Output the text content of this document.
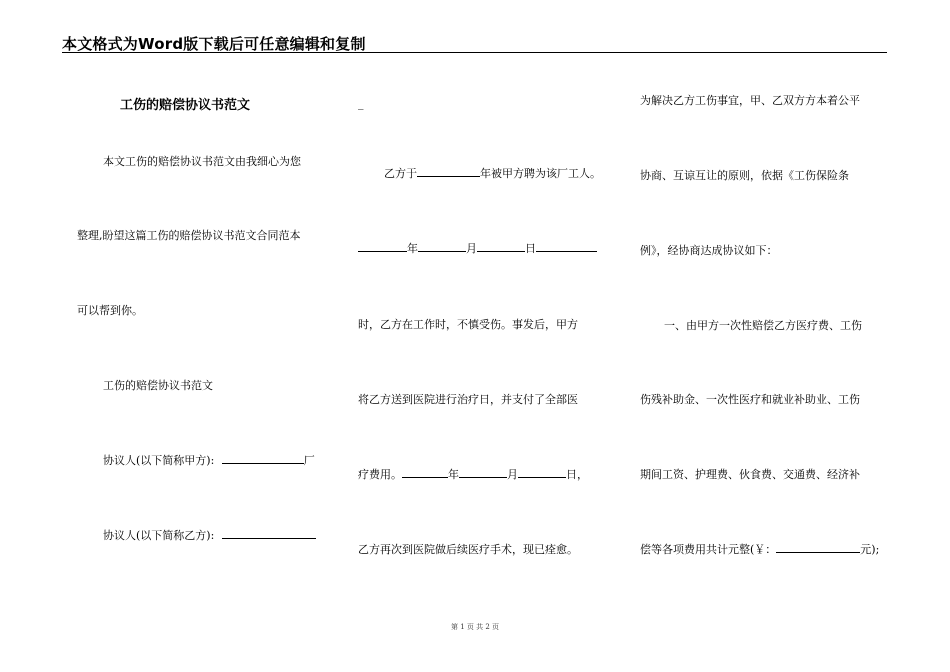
本文格式为Word版下载后可任意编辑和复制
工伤的赔偿协议书范文
本文工伤的赔偿协议书范文由我细心为您
整理,盼望这篇工伤的赔偿协议书范文合同范本
可以帮到你。
工伤的赔偿协议书范文
协议人(以下简称甲方):	厂
协议人(以下简称乙方):
_
乙方于	年被甲方聘为该厂工人。
年	月	日
时，乙方在工作时，不慎受伤。事发后，甲方
将乙方送到医院进行治疗日，并支付了全部医
疗费用。	年	月	日，
乙方再次到医院做后续医疗手术，现已痊愈。
为解决乙方工伤事宜，甲、乙双方方本着公平
协商、互谅互让的原则，依据《工伤保险条
例》，经协商达成协议如下：
一、由甲方一次性赔偿乙方医疗费、工伤
伤残补助金、一次性医疗和就业补助业、工伤
期间工资、护理费、伙食费、交通费、经济补
偿等各项费用共计元整(￥：	元);
第 1 页 共 2 页
